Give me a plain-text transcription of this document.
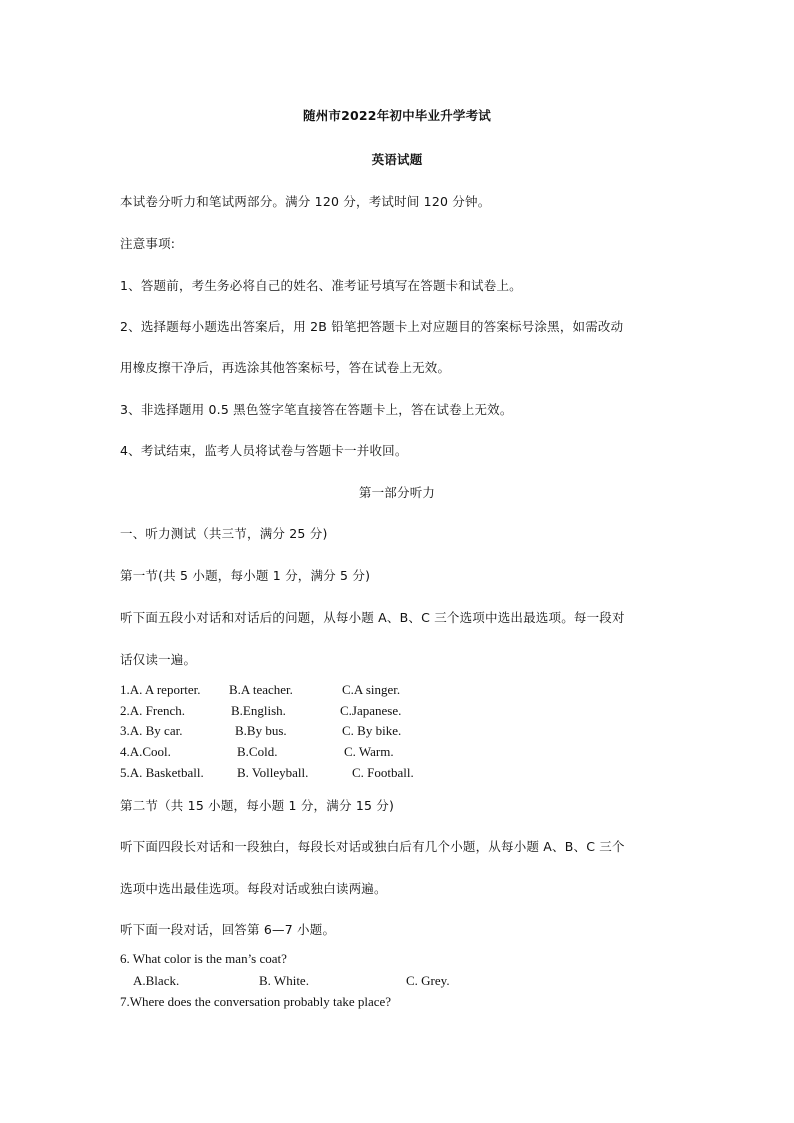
随州市2022年初中毕业升学考试
英语试题
本试卷分听力和笔试两部分。满分 120 分，考试时间 120 分钟。
注意事项:
1、答题前，考生务必将自己的姓名、准考证号填写在答题卡和试卷上。
2、选择题每小题选出答案后，用 2B 铅笔把答题卡上对应题目的答案标号涂黑，如需改动
用橡皮擦干净后，再选涂其他答案标号，答在试卷上无效。
3、非选择题用 0.5 黑色签字笔直接答在答题卡上，答在试卷上无效。
4、考试结束，监考人员将试卷与答题卡一并收回。
第一部分听力
一、听力测试（共三节，满分 25 分)
第一节(共 5 小题，每小题 1 分，满分 5 分)
听下面五段小对话和对话后的问题，从每小题 A、B、C 三个选项中选出最选项。每一段对
话仅读一遍。
1.A. A reporter. B.A teacher.	C.A singer.
2.A. French.	B.English.	C.Japanese.
3.A. By car.	B.By bus.	C. By bike.
4.A.Cool.	B.Cold.	C. Warm.
5.A. Basketball.	B. Volleyball.	C. Football.
第二节（共 15 小题，每小题 1 分，满分 15 分)
听下面四段长对话和一段独白，每段长对话或独白后有几个小题，从每小题 A、B、C 三个
选项中选出最佳选项。每段对话或独白读两遍。
听下面一段对话，回答第 6—7 小题。
6. What color is the man’s coat?
A.Black.	B. White.	C. Grey.
7.Where does the conversation probably take place?
